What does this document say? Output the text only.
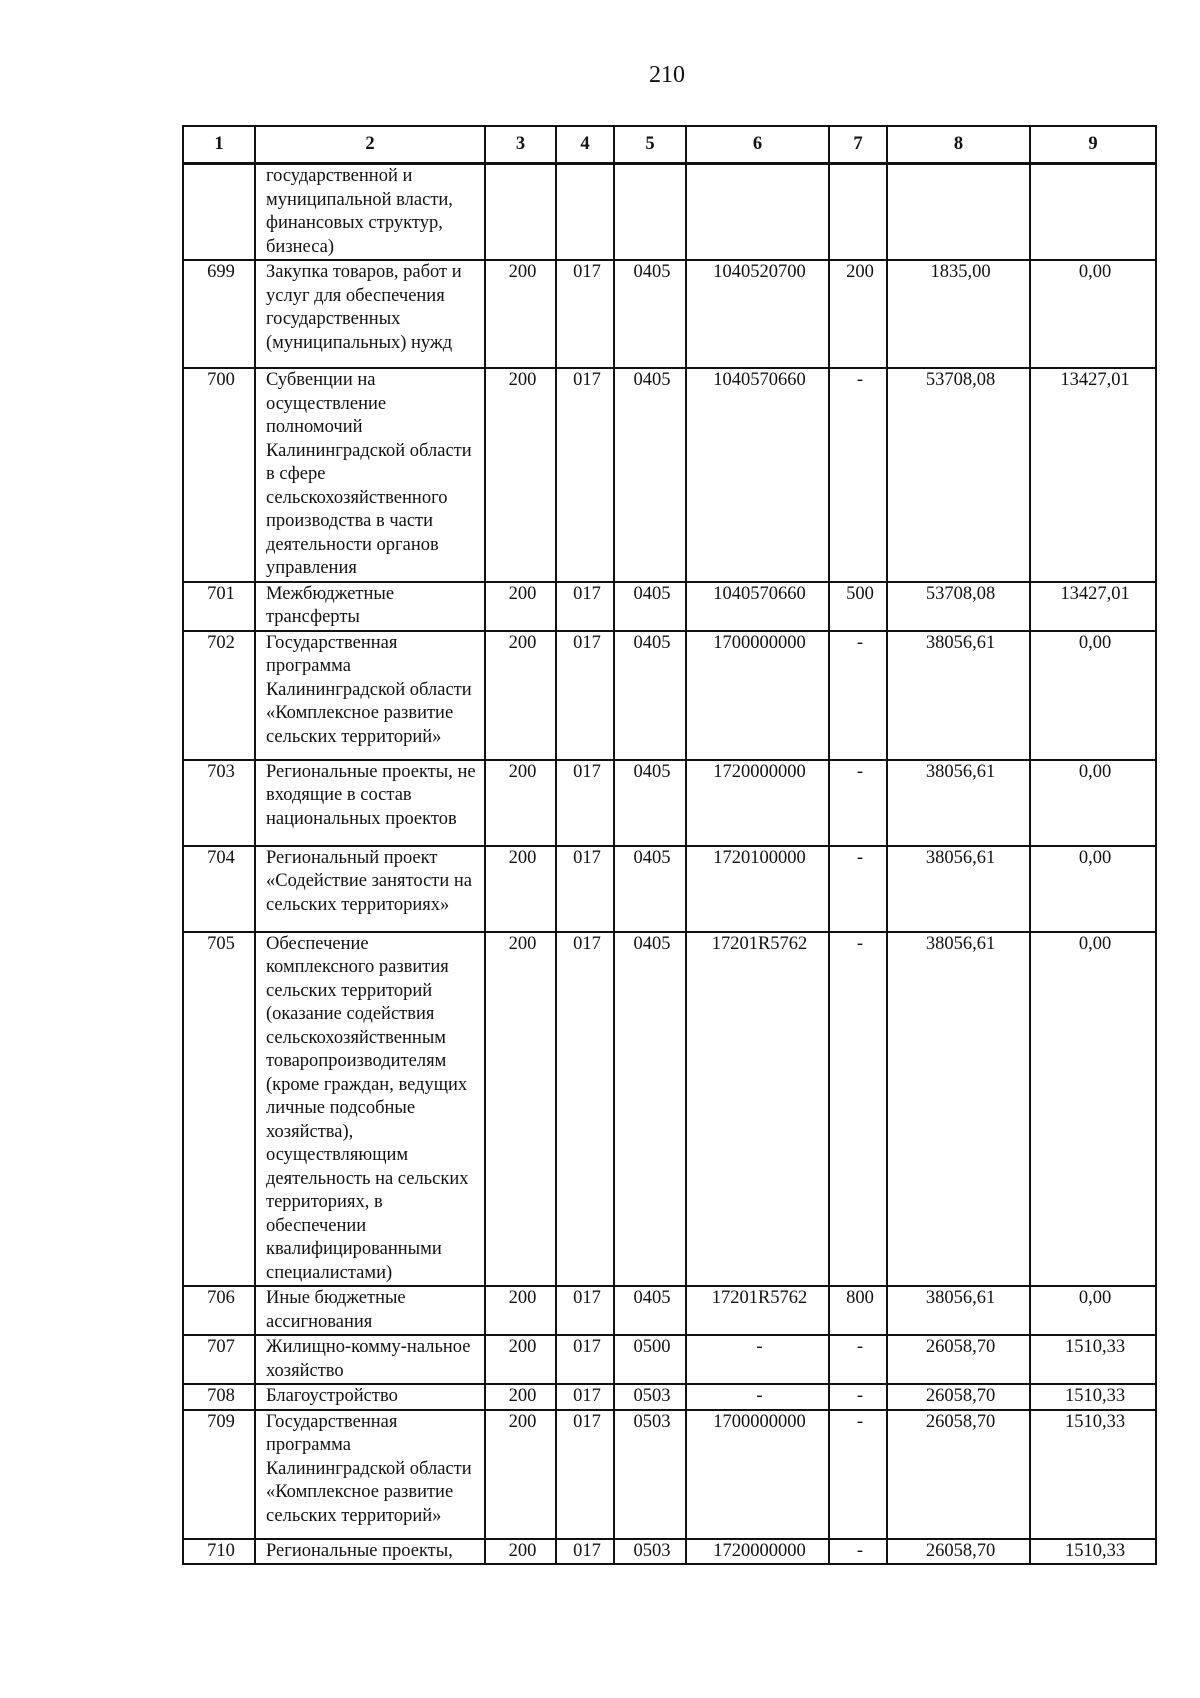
210
1	2	3	4	5	6	7	8	9
	государственной и муниципальной власти, финансовых структур, бизнеса)							
699	Закупка товаров, работ и услуг для обеспечения государственных (муниципальных) нужд	200	017	0405	1040520700	200	1835,00	0,00
700	Субвенции на осуществление полномочий Калининградской области в сфере сельскохозяйственного производства в части деятельности органов управления	200	017	0405	1040570660	-	53708,08	13427,01
701	Межбюджетные трансферты	200	017	0405	1040570660	500	53708,08	13427,01
702	Государственная программа Калининградской области «Комплексное развитие сельских территорий»	200	017	0405	1700000000	-	38056,61	0,00
703	Региональные проекты, не входящие в состав национальных проектов	200	017	0405	1720000000	-	38056,61	0,00
704	Региональный проект «Содействие занятости на сельских территориях»	200	017	0405	1720100000	-	38056,61	0,00
705	Обеспечение комплексного развития сельских территорий (оказание содействия сельскохозяйственным товаропроизводителям (кроме граждан, ведущих личные подсобные хозяйства), осуществляющим деятельность на сельских территориях, в обеспечении квалифицированными специалистами)	200	017	0405	17201R5762	-	38056,61	0,00
706	Иные бюджетные ассигнования	200	017	0405	17201R5762	800	38056,61	0,00
707	Жилищно-комму-нальное хозяйство	200	017	0500	-	-	26058,70	1510,33
708	Благоустройство	200	017	0503	-	-	26058,70	1510,33
709	Государственная программа Калининградской области «Комплексное развитие сельских территорий»	200	017	0503	1700000000	-	26058,70	1510,33
710	Региональные проекты,	200	017	0503	1720000000	-	26058,70	1510,33
